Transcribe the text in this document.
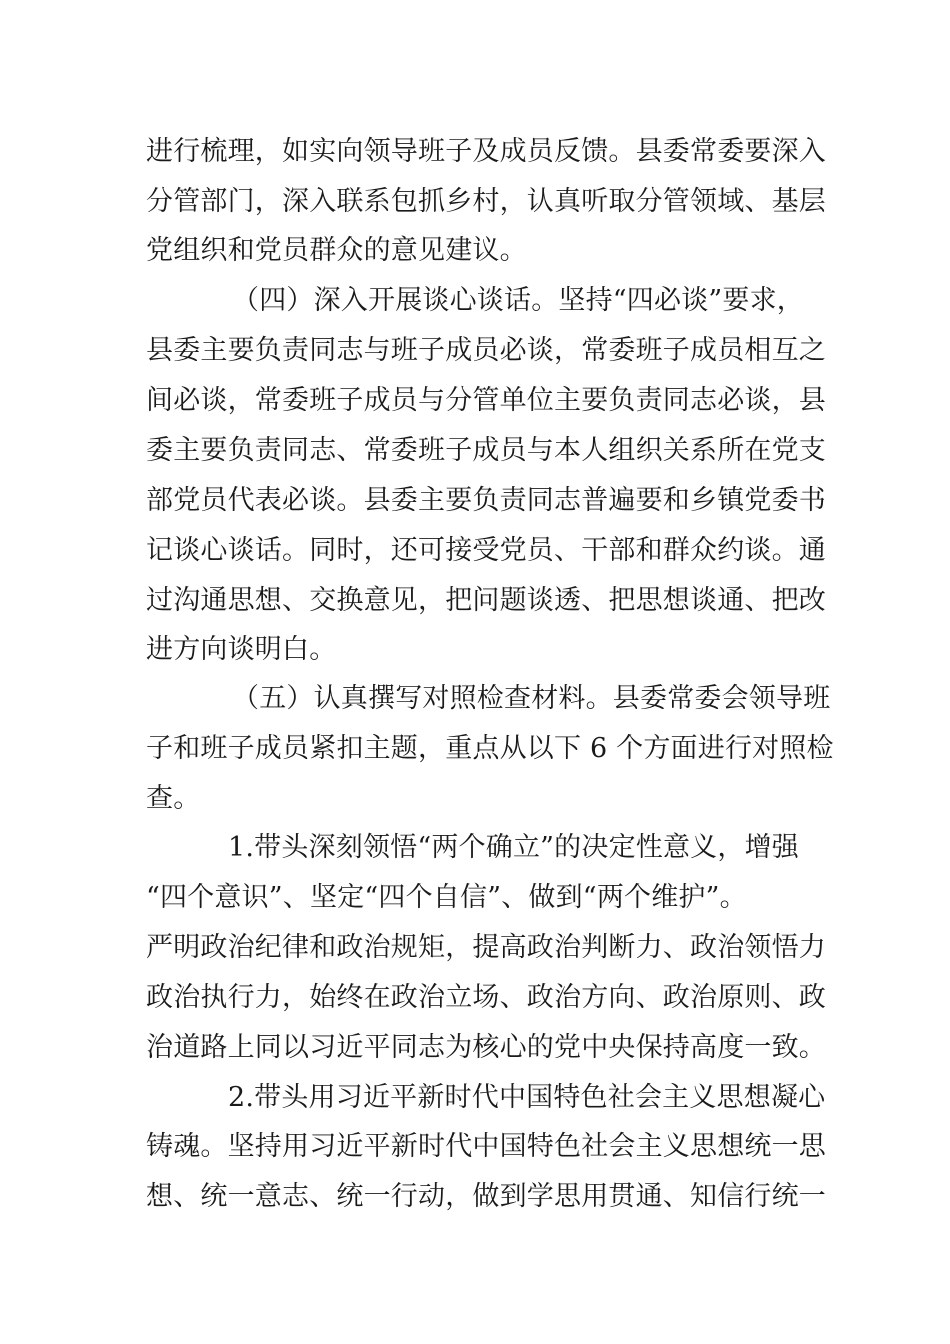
进行梳理，如实向领导班子及成员反馈。县委常委要深入
分管部门，深入联系包抓乡村，认真听取分管领域、基层
党组织和党员群众的意见建议。
（四）深入开展谈心谈话。坚持“四必谈”要求，
县委主要负责同志与班子成员必谈，常委班子成员相互之
间必谈，常委班子成员与分管单位主要负责同志必谈，县
委主要负责同志、常委班子成员与本人组织关系所在党支
部党员代表必谈。县委主要负责同志普遍要和乡镇党委书
记谈心谈话。同时，还可接受党员、干部和群众约谈。通
过沟通思想、交换意见，把问题谈透、把思想谈通、把改
进方向谈明白。
（五）认真撰写对照检查材料。县委常委会领导班
子和班子成员紧扣主题，重点从以下 6 个方面进行对照检
查。
1.带头深刻领悟“两个确立”的决定性意义，增强
“四个意识”、坚定“四个自信”、做到“两个维护”。
严明政治纪律和政治规矩，提高政治判断力、政治领悟力
政治执行力，始终在政治立场、政治方向、政治原则、政
治道路上同以习近平同志为核心的党中央保持高度一致。
2.带头用习近平新时代中国特色社会主义思想凝心
铸魂。坚持用习近平新时代中国特色社会主义思想统一思
想、统一意志、统一行动，做到学思用贯通、知信行统一
